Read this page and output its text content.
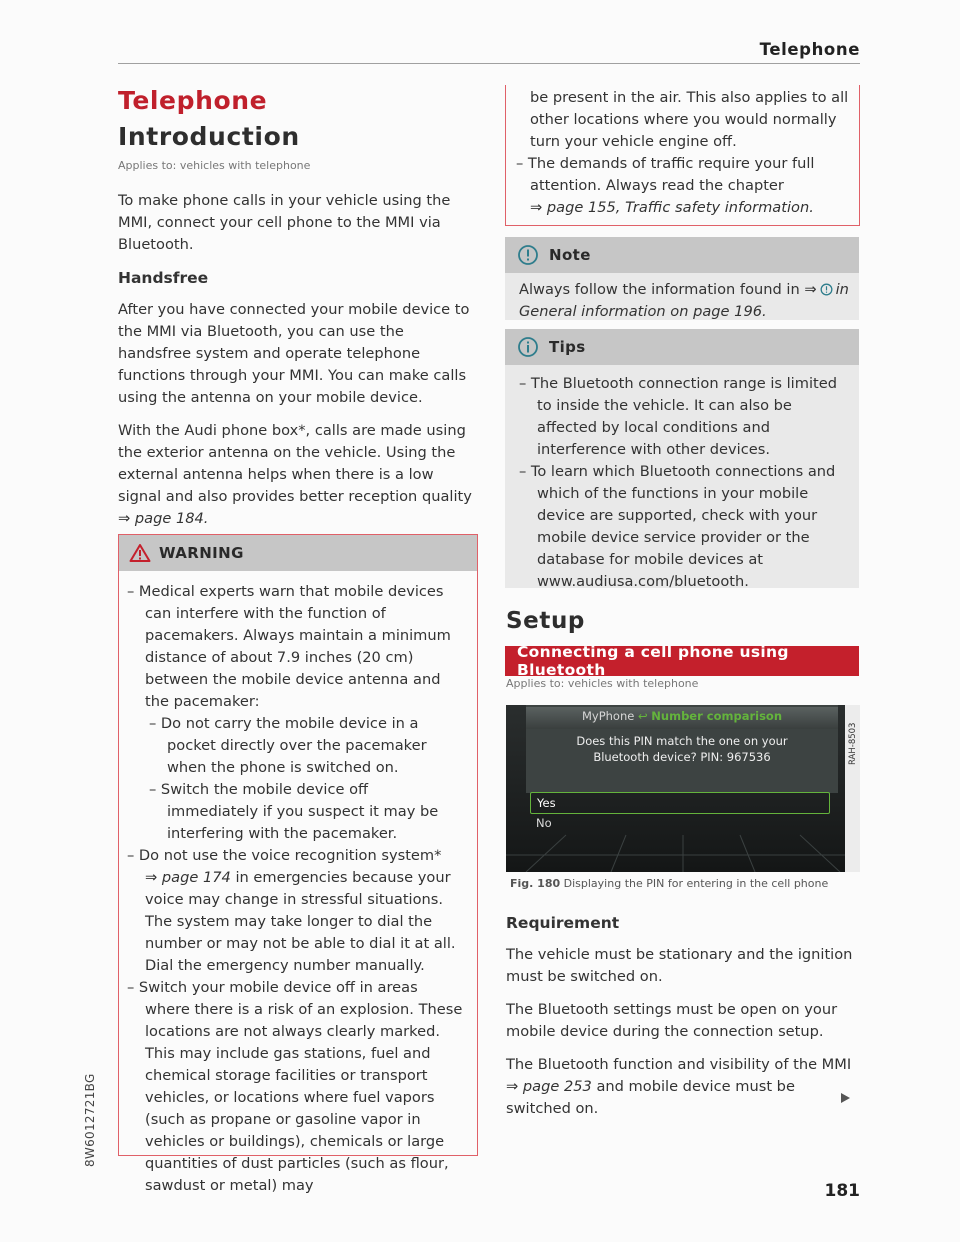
Telephone
8W6012721BG
Telephone
Introduction
Applies to: vehicles with telephone

To make phone calls in your vehicle using the MMI, connect your cell phone to the MMI via Bluetooth.

Handsfree

After you have connected your mobile device to the MMI via Bluetooth, you can use the handsfree system and operate telephone functions through your MMI. You can make calls using the antenna on your mobile device.

With the Audi phone box*, calls are made using the exterior antenna on the vehicle. Using the external antenna helps when there is a low signal and also provides better reception quality
⇒ page 184.

WARNING
– Medical experts warn that mobile devices can interfere with the function of pacemakers. Always maintain a minimum distance of about 7.9 inches (20 cm) between the mobile device antenna and the pacemaker:
– Do not carry the mobile device in a pocket directly over the pacemaker when the phone is switched on.
– Switch the mobile device off immediately if you suspect it may be interfering with the pacemaker.
– Do not use the voice recognition system*
⇒ page 174 in emergencies because your voice may change in stressful situations. The system may take longer to dial the number or may not be able to dial it at all. Dial the emergency number manually.
– Switch your mobile device off in areas where there is a risk of an explosion. These locations are not always clearly marked. This may include gas stations, fuel and chemical storage facilities or transport vehicles, or locations where fuel vapors (such as propane or gasoline vapor in vehicles or buildings), chemicals or large quantities of dust particles (such as flour, sawdust or metal) may
be present in the air. This also applies to all other locations where you would normally turn your vehicle engine off.
– The demands of traffic require your full attention. Always read the chapter
⇒ page 155, Traffic safety information.
Note
Always follow the information found in ⇒ in General information on page 196.
Tips
– The Bluetooth connection range is limited to inside the vehicle. It can also be affected by local conditions and interference with other devices.
– To learn which Bluetooth connections and which of the functions in your mobile device are supported, check with your mobile device service provider or the database for mobile devices at www.audiusa.com/bluetooth.
Setup
Connecting a cell phone using Bluetooth
Applies to: vehicles with telephone
MyPhone ↩ Number comparison
Does this PIN match the one on your
Bluetooth device? PIN: 967536
Yes
No
RAH-8503
Fig. 180 Displaying the PIN for entering in the cell phone
Requirement

The vehicle must be stationary and the ignition must be switched on.

The Bluetooth settings must be open on your mobile device during the connection setup.

The Bluetooth function and visibility of the MMI
⇒ page 253 and mobile device must be switched on.

181
